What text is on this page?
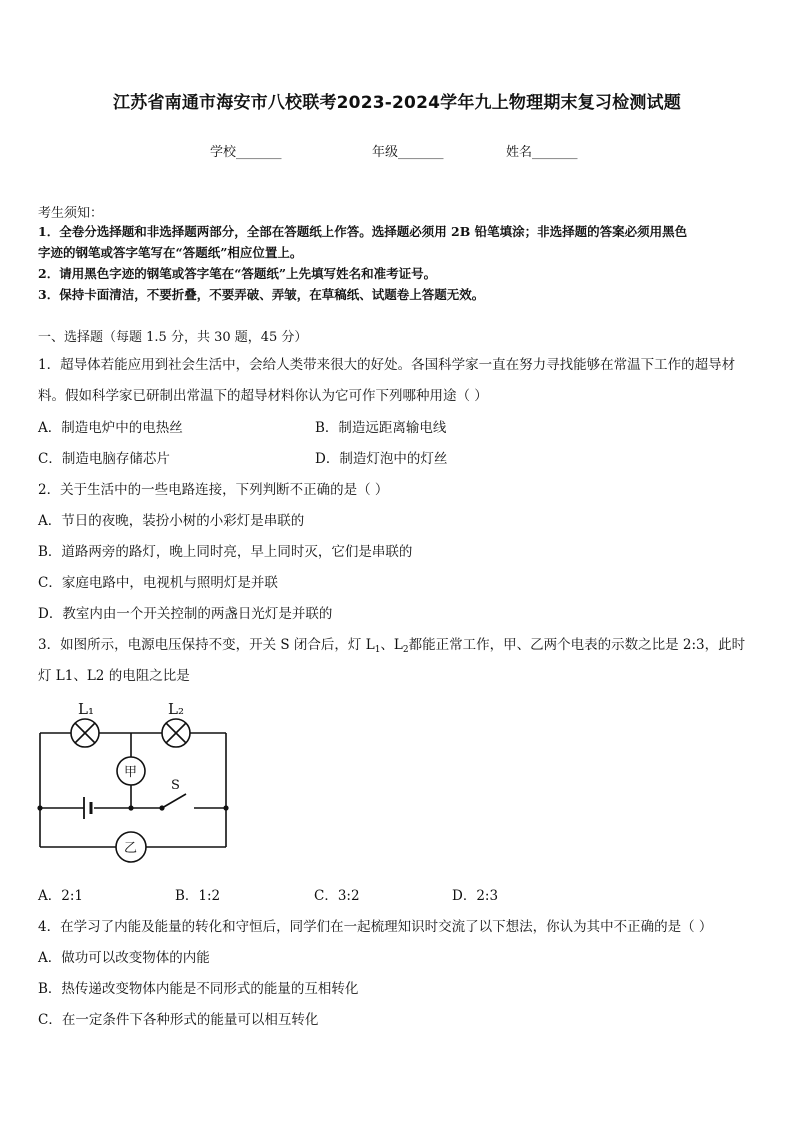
江苏省南通市海安市八校联考2023-2024学年九上物理期末复习检测试题
学校_______	年级_______	姓名_______
考生须知：
1．全卷分选择题和非选择题两部分，全部在答题纸上作答。选择题必须用 2B 铅笔填涂；非选择题的答案必须用黑色
字迹的钢笔或答字笔写在“答题纸”相应位置上。
2．请用黑色字迹的钢笔或答字笔在“答题纸”上先填写姓名和准考证号。
3．保持卡面清洁，不要折叠，不要弄破、弄皱，在草稿纸、试题卷上答题无效。
一、选择题（每题 1.5 分，共 30 题，45 分）
1．超导体若能应用到社会生活中，会给人类带来很大的好处。各国科学家一直在努力寻找能够在常温下工作的超导材
料。假如科学家已研制出常温下的超导材料你认为它可作下列哪种用途（ ）
A．制造电炉中的电热丝	B．制造远距离输电线
C．制造电脑存储芯片	D．制造灯泡中的灯丝
2．关于生活中的一些电路连接，下列判断不正确的是（ ）
A．节日的夜晚，装扮小树的小彩灯是串联的
B．道路两旁的路灯，晚上同时亮，早上同时灭，它们是串联的
C．家庭电路中，电视机与照明灯是并联
D．教室内由一个开关控制的两盏日光灯是并联的
3．如图所示，电源电压保持不变，开关 S 闭合后，灯 $L_1$、$L_2$都能正常工作，甲、乙两个电表的示数之比是 2:3，此时
灯 L1、L2 的电阻之比是
L₁	L₂
甲
乙
S
A．2:1	B．1:2	C．3:2	D．2:3
4．在学习了内能及能量的转化和守恒后，同学们在一起梳理知识时交流了以下想法，你认为其中不正确的是（ ）
A．做功可以改变物体的内能
B．热传递改变物体内能是不同形式的能量的互相转化
C．在一定条件下各种形式的能量可以相互转化
